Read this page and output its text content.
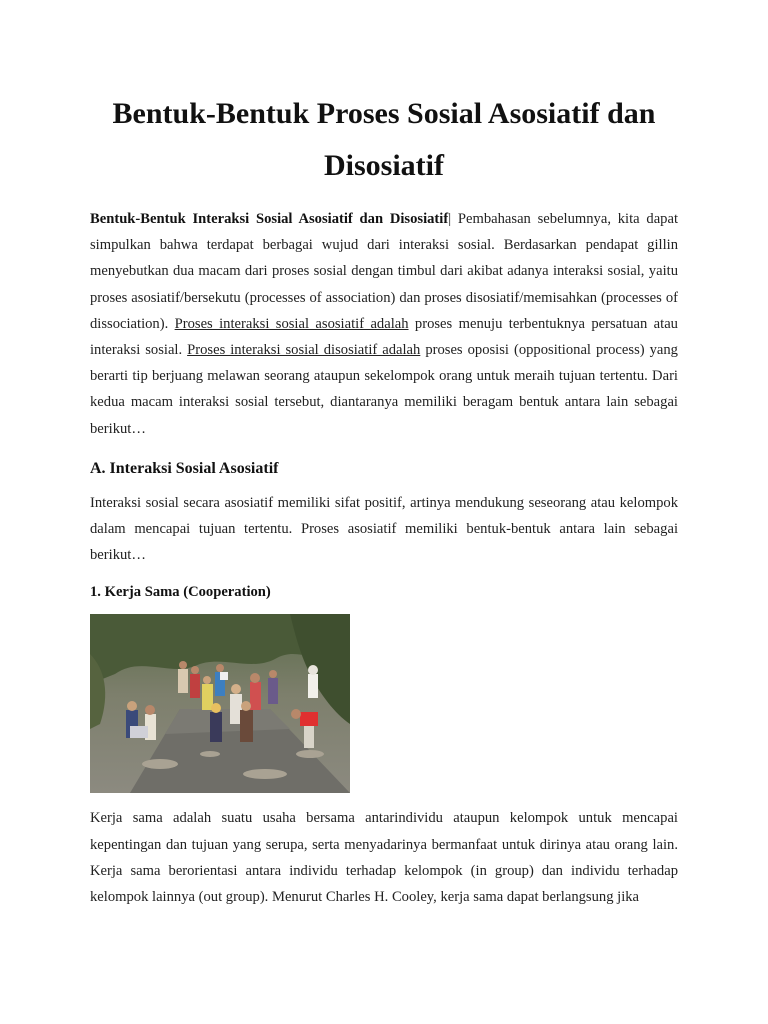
Bentuk-Bentuk Proses Sosial Asosiatif dan Disosiatif

Bentuk-Bentuk Interaksi Sosial Asosiatif dan Disosiatif| Pembahasan sebelumnya, kita dapat simpulkan bahwa terdapat berbagai wujud dari interaksi sosial. Berdasarkan pendapat gillin menyebutkan dua macam dari proses sosial dengan timbul dari akibat adanya interaksi sosial, yaitu proses asosiatif/bersekutu (processes of association) dan proses disosiatif/memisahkan (processes of dissociation). Proses interaksi sosial asosiatif adalah proses menuju terbentuknya persatuan atau interaksi sosial. Proses interaksi sosial disosiatif adalah proses oposisi (oppositional process) yang berarti tip berjuang melawan seorang ataupun sekelompok orang untuk meraih tujuan tertentu. Dari kedua macam interaksi sosial tersebut, diantaranya memiliki beragam bentuk antara lain sebagai berikut…

A. Interaksi Sosial Asosiatif

Interaksi sosial secara asosiatif memiliki sifat positif, artinya mendukung seseorang atau kelompok dalam mencapai tujuan tertentu. Proses asosiatif memiliki bentuk-bentuk antara lain sebagai berikut…

1. Kerja Sama (Cooperation)

Kerja sama adalah suatu usaha bersama antarindividu ataupun kelompok untuk mencapai kepentingan dan tujuan yang serupa, serta menyadarinya bermanfaat untuk dirinya atau orang lain. Kerja sama berorientasi antara individu terhadap kelompok (in group) dan individu terhadap kelompok lainnya (out group). Menurut Charles H. Cooley, kerja sama dapat berlangsung jika
